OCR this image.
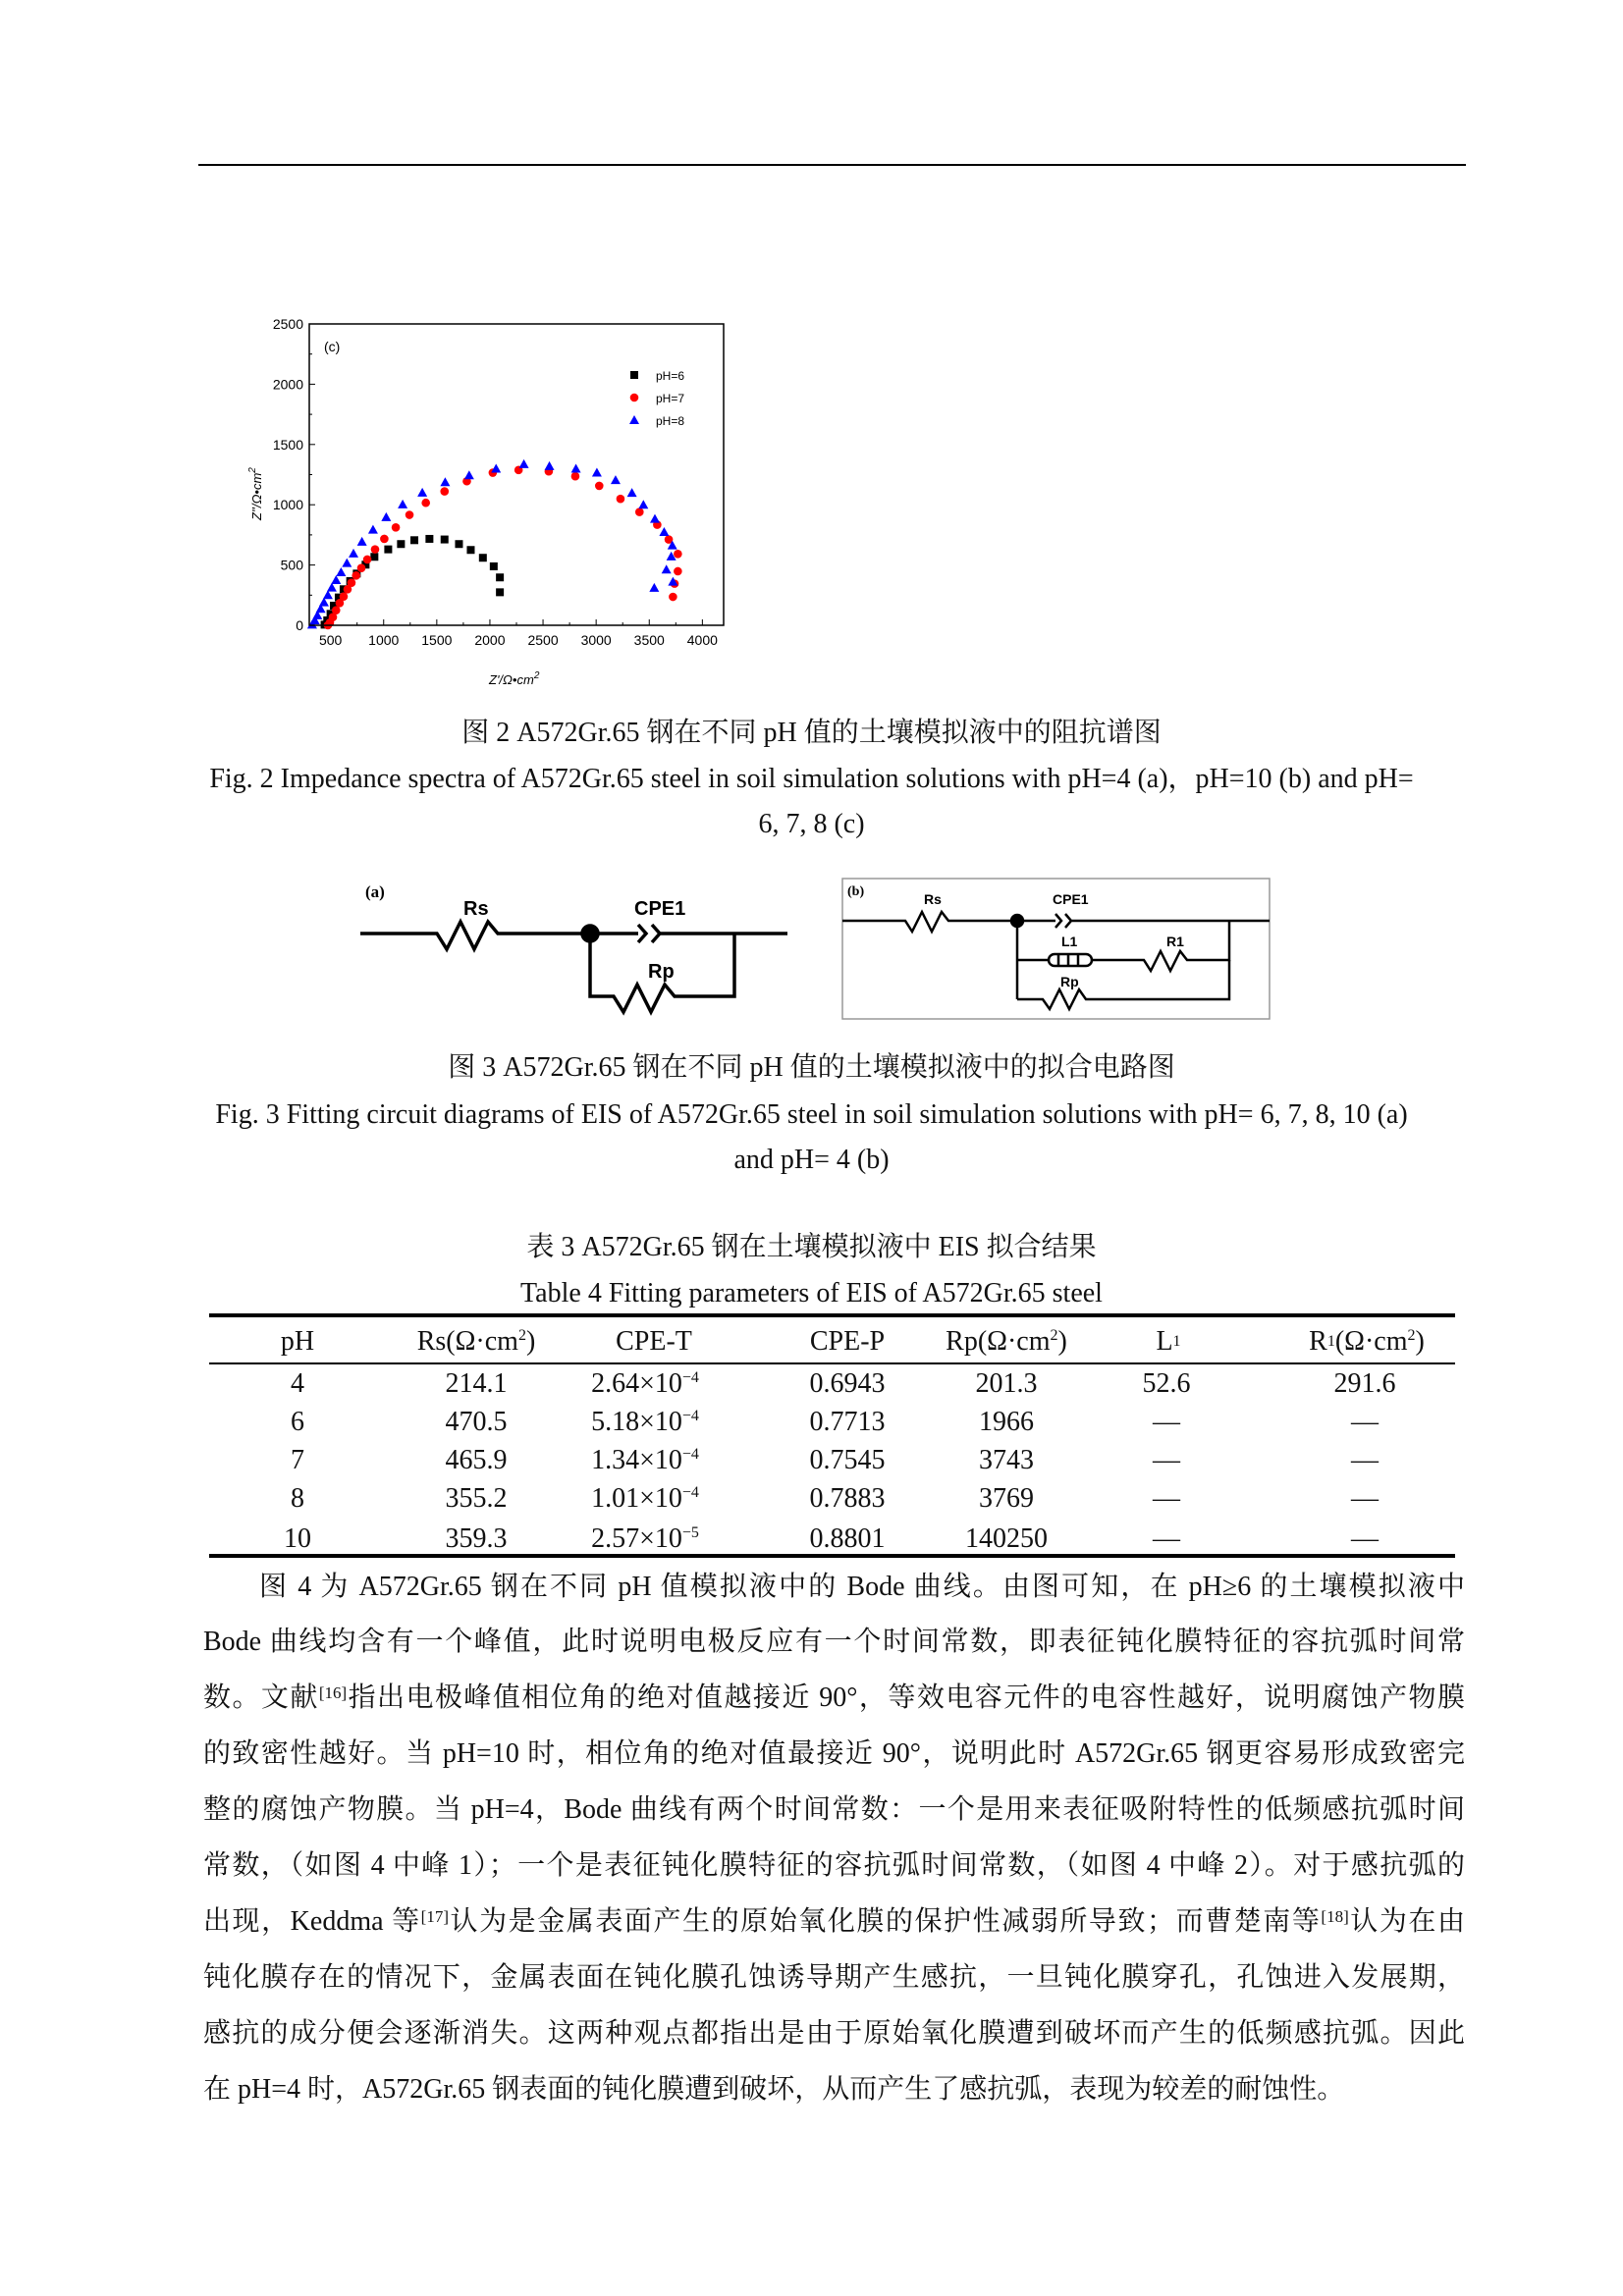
500 1000 1500 2000 2500 3000 3500 4000
0
500
1000
1500
2000
2500
(c)
pH=6
pH=7
pH=8
$Z'/\Omega•cm^2$
$Z''/\Omega•cm^2$
图 2 A572Gr.65 钢在不同 pH 值的土壤模拟液中的阻抗谱图
Fig. 2 Impedance spectra of A572Gr.65 steel in soil simulation solutions with pH=4 (a)，pH=10 (b) and pH=
6, 7, 8 (c)
(a)
Rs	CPE1
Rp
(b)	Rs	CPE1
L1	R1
Rp
图 3 A572Gr.65 钢在不同 pH 值的土壤模拟液中的拟合电路图
Fig. 3 Fitting circuit diagrams of EIS of A572Gr.65 steel in soil simulation solutions with pH= 6, 7, 8, 10 (a)
and pH= 4 (b)
表 3 A572Gr.65 钢在土壤模拟液中 EIS 拟合结果
Table 4 Fitting parameters of EIS of A572Gr.65 steel
pH	$Rs(\Omega\cdot cm^2)$	CPE-T	CPE-P $Rp(\Omega\cdot cm^2)$	L1	$R1(\Omega\cdot cm^2)$
4	214.1	$2.64\times 10^{-4}$	0.6943	201.3	52.6	291.6
6	470.5	$5.18\times 10^{-4}$	0.7713	1966	—	—
7	465.9	$1.34\times 10^{-4}$	0.7545	3743	—	—
8	355.2	$1.01\times 10^{-4}$	0.7883	3769	—	—
10	359.3	$2.57\times 10^{-5}$	0.8801	140250	—	—
图 4 为 A572Gr.65 钢在不同 pH 值模拟液中的 Bode 曲线。由图可知，在 pH≥6 的土壤模拟液中
Bode 曲线均含有一个峰值，此时说明电极反应有一个时间常数，即表征钝化膜特征的容抗弧时间常
数。文献[16]指出电极峰值相位角的绝对值越接近 90°，等效电容元件的电容性越好，说明腐蚀产物膜
的致密性越好。当 pH=10 时，相位角的绝对值最接近 90°，说明此时 A572Gr.65 钢更容易形成致密完
整的腐蚀产物膜。当 pH=4，Bode 曲线有两个时间常数：一个是用来表征吸附特性的低频感抗弧时间
常数，（如图 4 中峰 1）；一个是表征钝化膜特征的容抗弧时间常数，（如图 4 中峰 2）。对于感抗弧的
出现，Keddma 等[17]认为是金属表面产生的原始氧化膜的保护性减弱所导致；而曹楚南等[18]认为在由
钝化膜存在的情况下，金属表面在钝化膜孔蚀诱导期产生感抗，一旦钝化膜穿孔，孔蚀进入发展期，
感抗的成分便会逐渐消失。这两种观点都指出是由于原始氧化膜遭到破坏而产生的低频感抗弧。因此
在 pH=4 时，A572Gr.65 钢表面的钝化膜遭到破坏，从而产生了感抗弧，表现为较差的耐蚀性。
